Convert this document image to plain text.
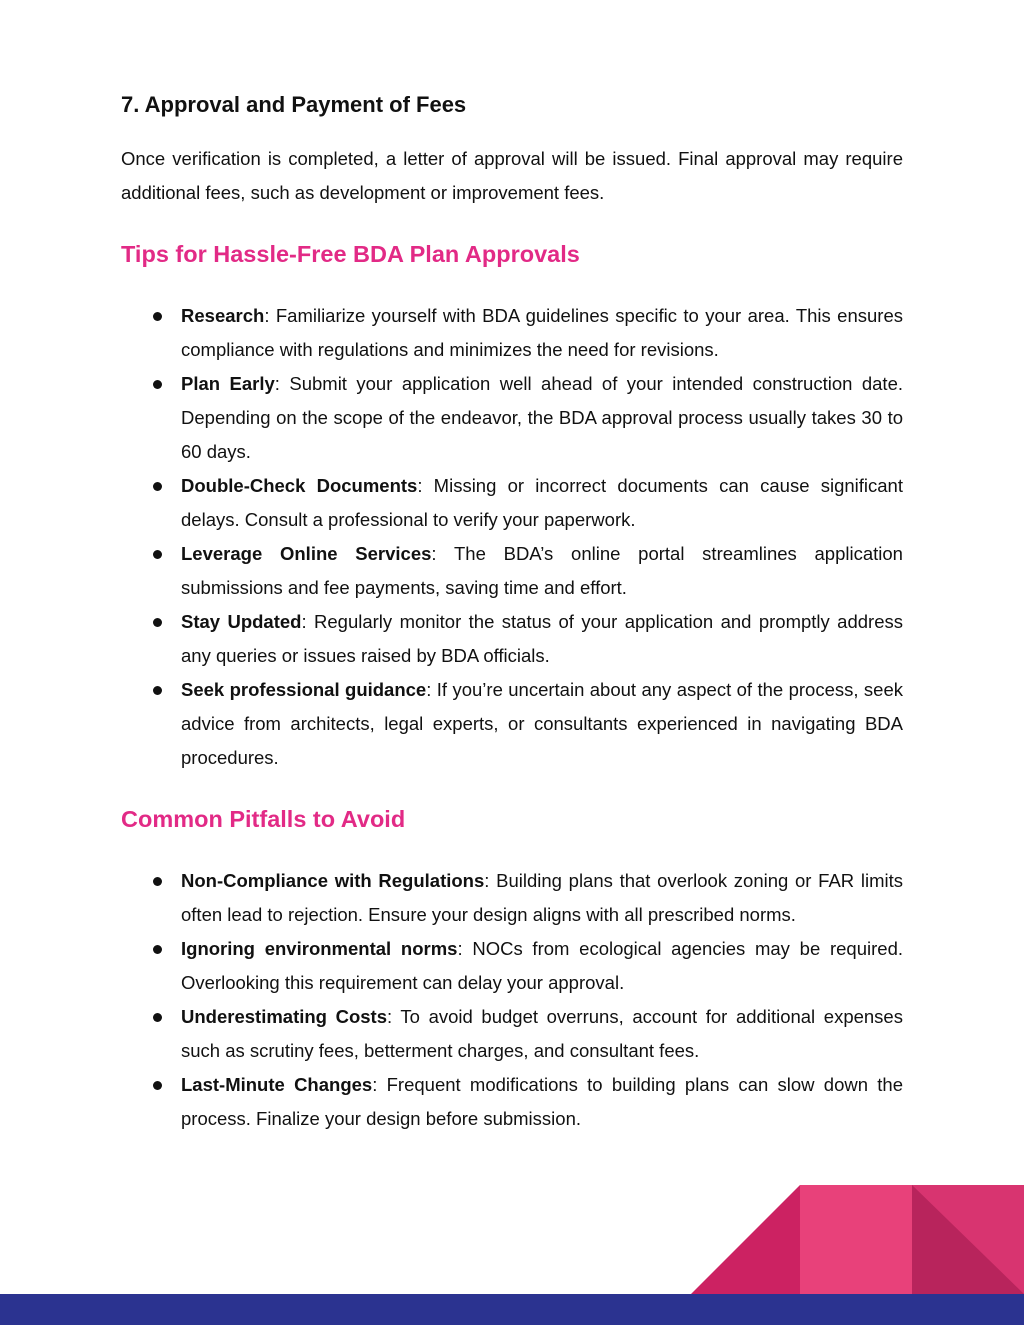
7. Approval and Payment of Fees

Once verification is completed, a letter of approval will be issued. Final approval may require additional fees, such as development or improvement fees.

Tips for Hassle-Free BDA Plan Approvals
Research: Familiarize yourself with BDA guidelines specific to your area. This ensures compliance with regulations and minimizes the need for revisions.
Plan Early: Submit your application well ahead of your intended construction date. Depending on the scope of the endeavor, the BDA approval process usually takes 30 to 60 days.
Double-Check Documents: Missing or incorrect documents can cause significant delays. Consult a professional to verify your paperwork.
Leverage Online Services: The BDA’s online portal streamlines application submissions and fee payments, saving time and effort.
Stay Updated: Regularly monitor the status of your application and promptly address any queries or issues raised by BDA officials.
Seek professional guidance: If you’re uncertain about any aspect of the process, seek advice from architects, legal experts, or consultants experienced in navigating BDA procedures.
Common Pitfalls to Avoid
Non-Compliance with Regulations: Building plans that overlook zoning or FAR limits often lead to rejection. Ensure your design aligns with all prescribed norms.
Ignoring environmental norms: NOCs from ecological agencies may be required. Overlooking this requirement can delay your approval.
Underestimating Costs: To avoid budget overruns, account for additional expenses such as scrutiny fees, betterment charges, and consultant fees.
Last-Minute Changes: Frequent modifications to building plans can slow down the process. Finalize your design before submission.
